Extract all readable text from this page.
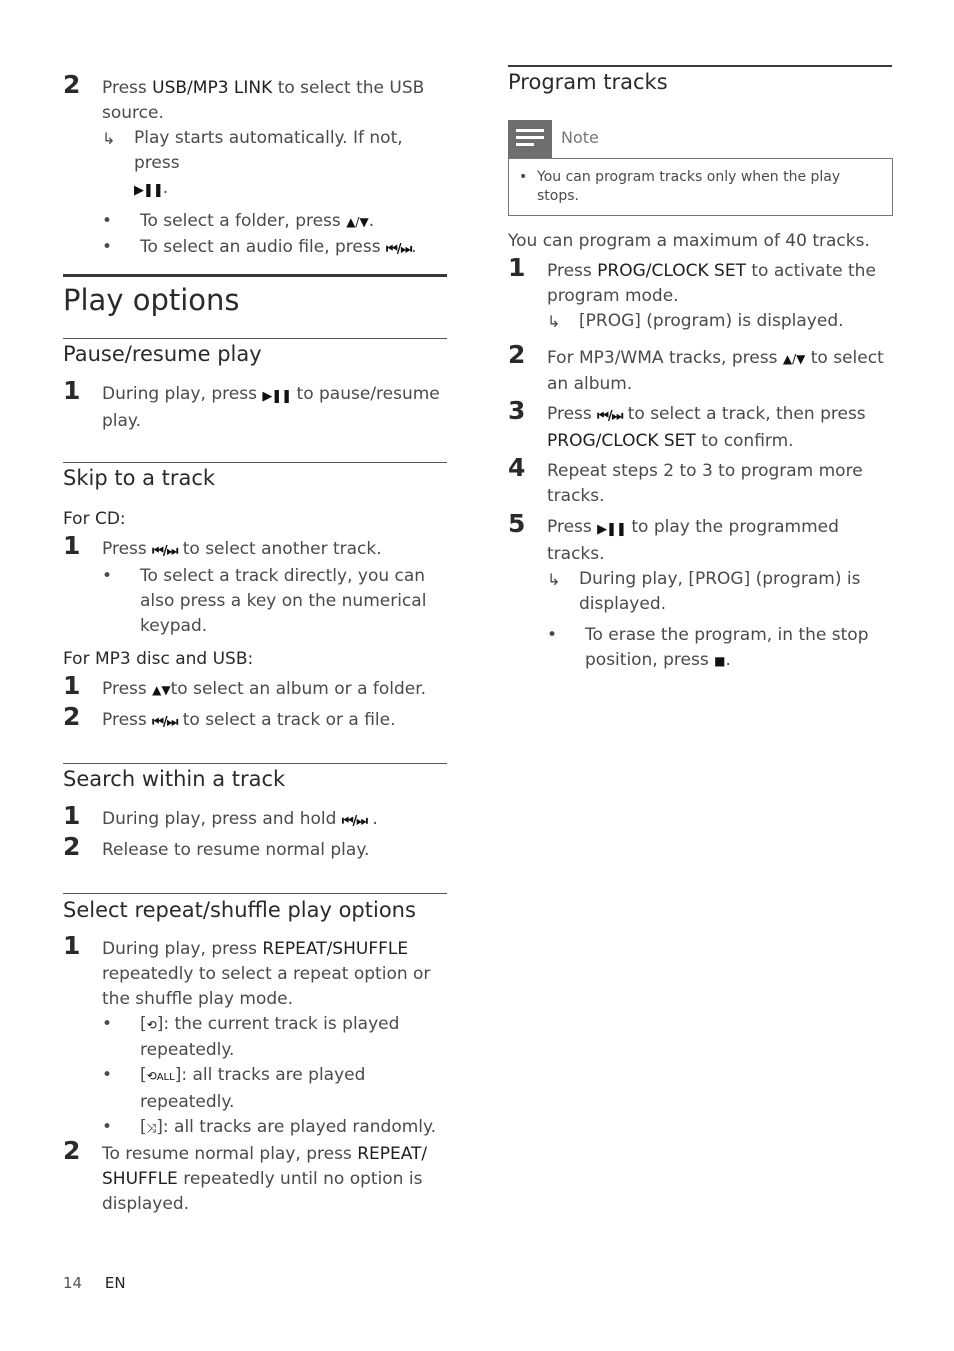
2 Press USB/MP3 LINK to select the USB source.
↳ Play starts automatically. If not, press
▶❚❚.
• To select a folder, press ▲/▼.
• To select an audio file, press ⏮/⏭.
Play options
Pause/resume play
1 During play, press ▶❚❚ to pause/resume play.
Skip to a track
For CD:
1 Press ⏮/⏭ to select another track.
• To select a track directly, you can also press a key on the numerical keypad.
For MP3 disc and USB:
1 Press ▲▼to select an album or a folder.
2 Press ⏮/⏭ to select a track or a file.
Search within a track
1 During play, press and hold ⏮/⏭ .
2 Release to resume normal play.
Select repeat/shuffle play options
1 During play, press REPEAT/SHUFFLE repeatedly to select a repeat option or the shuffle play mode.
• [⟲]: the current track is played repeatedly.
• [⟲ALL]: all tracks are played repeatedly.
• [⤨]: all tracks are played randomly.
2 To resume normal play, press REPEAT/ SHUFFLE repeatedly until no option is displayed.
Program tracks
Note
• You can program tracks only when the play stops.
You can program a maximum of 40 tracks.
1 Press PROG/CLOCK SET to activate the program mode.
↳ [PROG] (program) is displayed.
2 For MP3/WMA tracks, press ▲/▼ to select an album.
3 Press ⏮/⏭ to select a track, then press PROG/CLOCK SET to confirm.
4 Repeat steps 2 to 3 to program more tracks.
5 Press ▶❚❚ to play the programmed tracks.
↳ During play, [PROG] (program) is displayed.
• To erase the program, in the stop position, press ■.
14 EN
